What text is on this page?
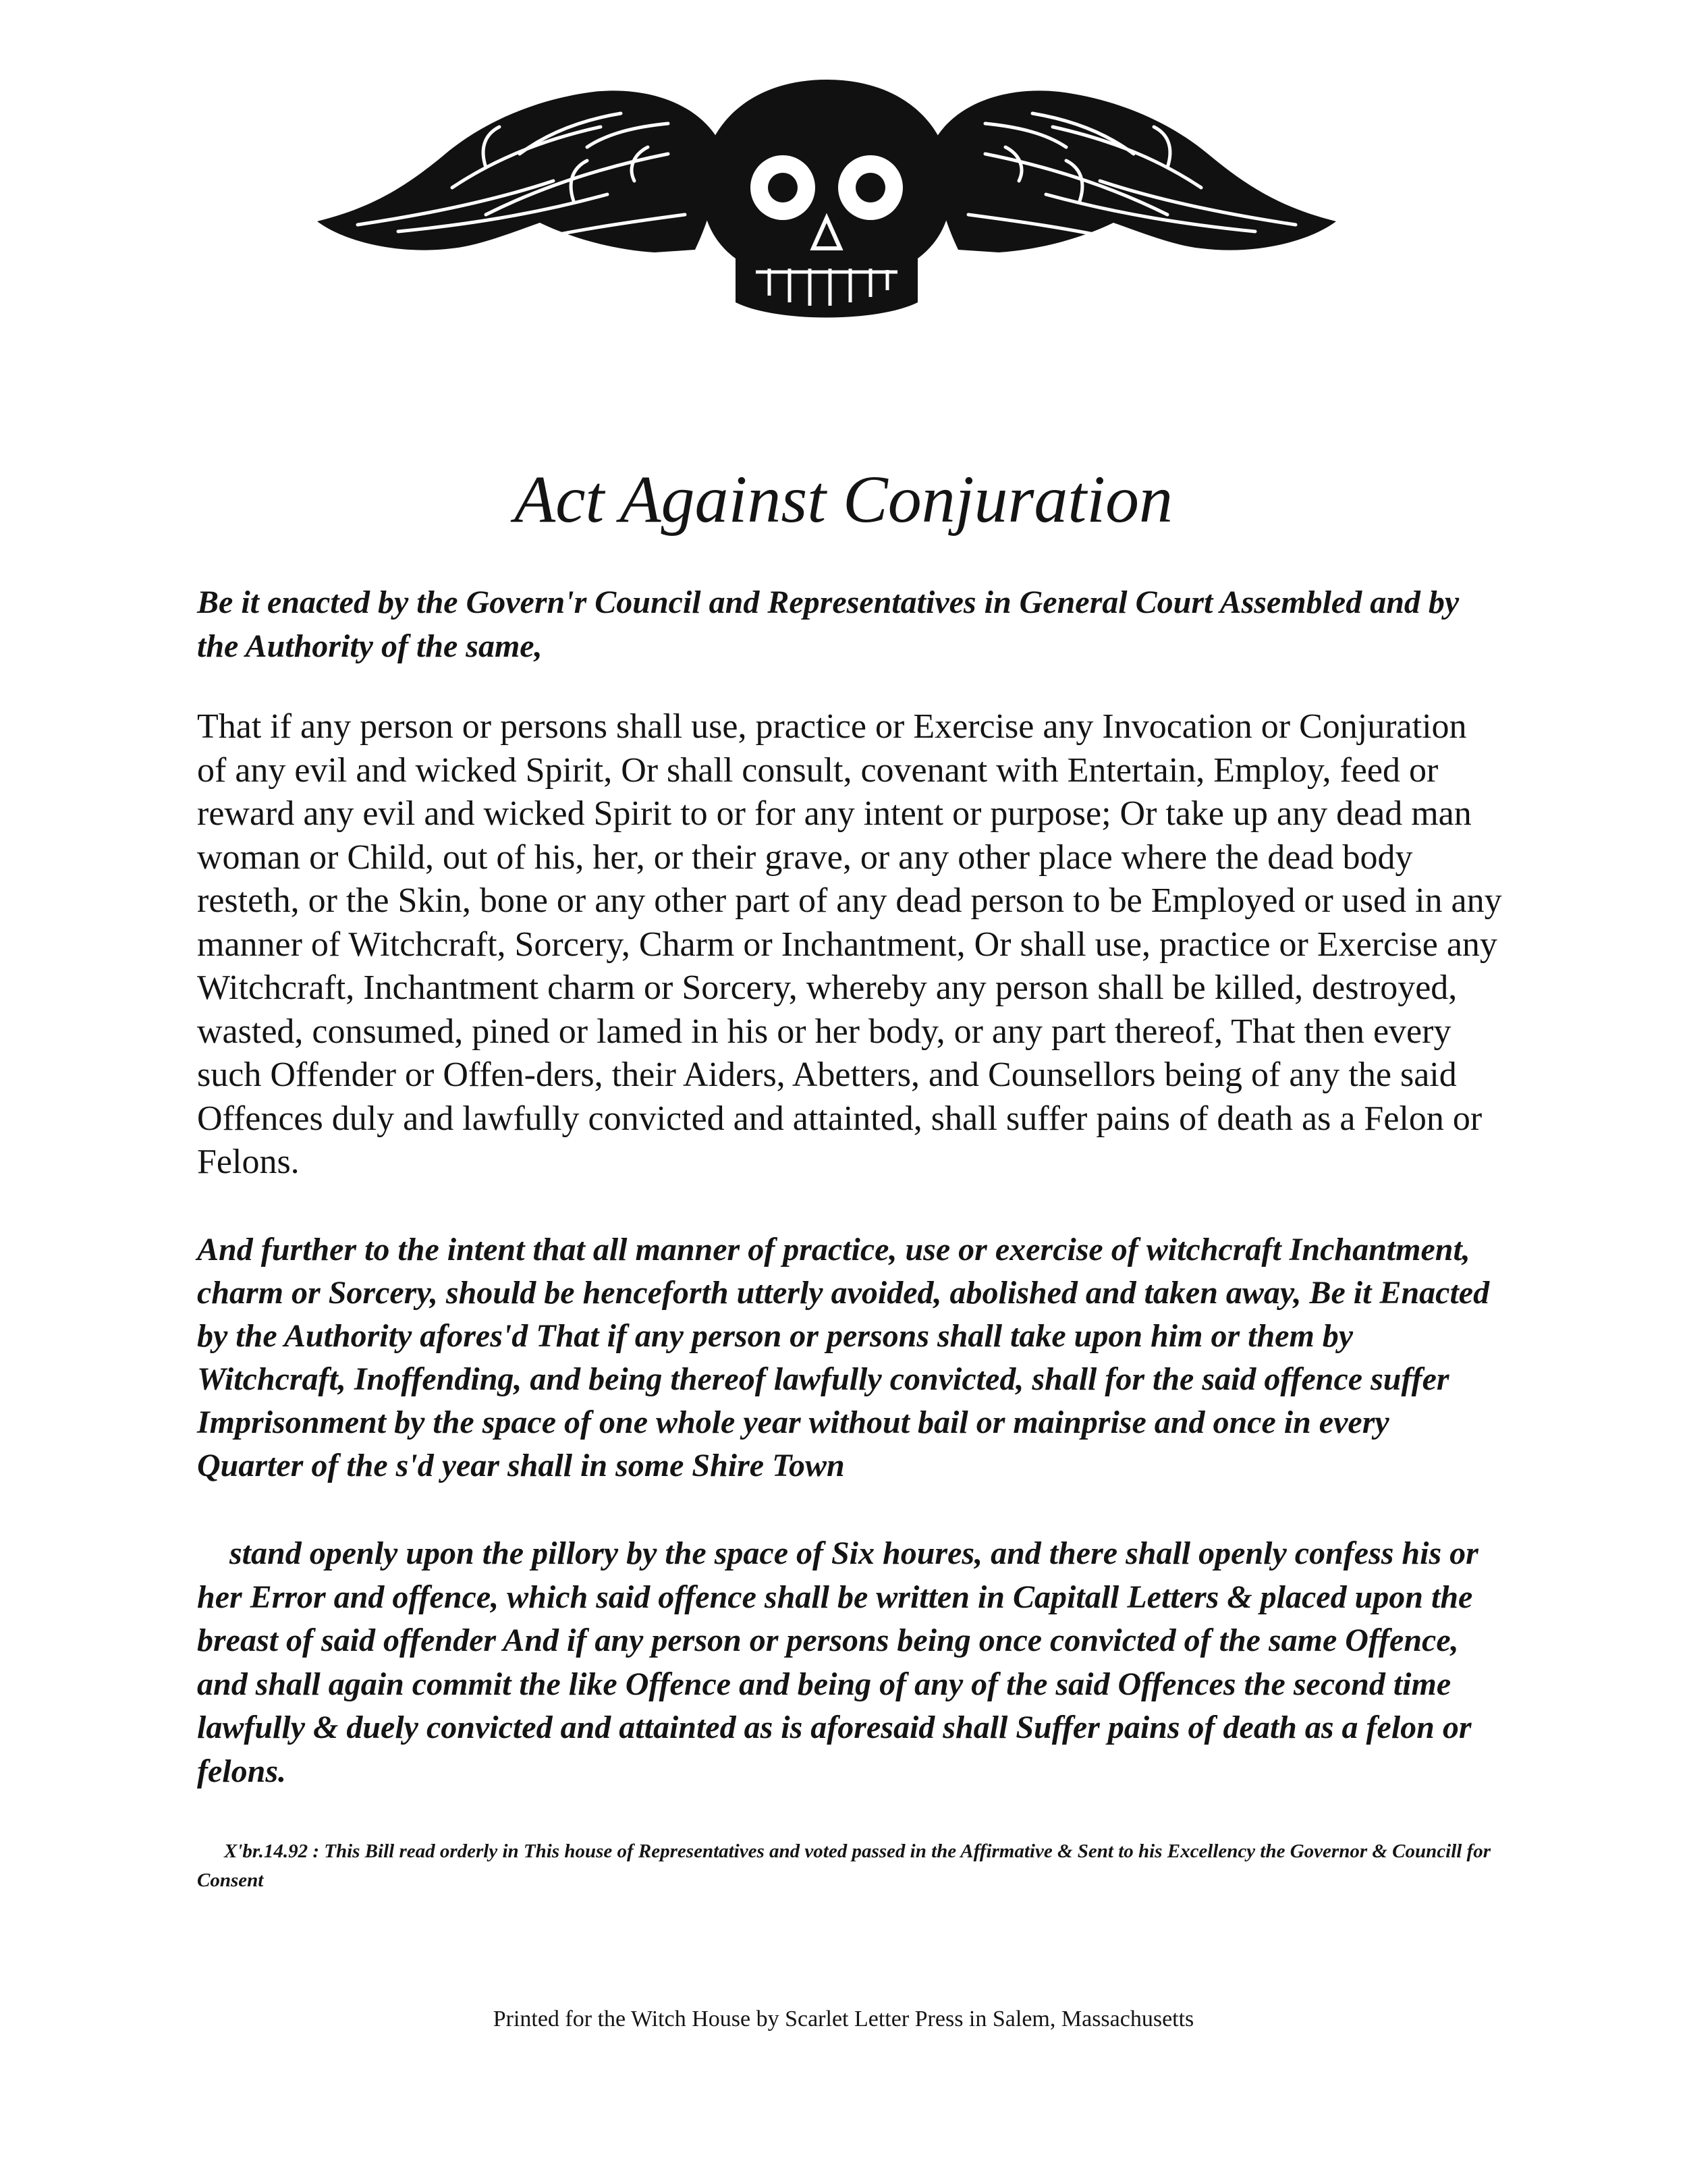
Act Against Conjuration

Be it enacted by the Govern'r Council and Representatives in General Court Assembled and by the Authority of the same,

That if any person or persons shall use, practice or Exercise any Invocation or Conjuration of any evil and wicked Spirit, Or shall consult, covenant with Entertain, Employ, feed or reward any evil and wicked Spirit to or for any intent or purpose; Or take up any dead man woman or Child, out of his, her, or their grave, or any other place where the dead body resteth, or the Skin, bone or any other part of any dead person to be Employed or used in any manner of Witchcraft, Sorcery, Charm or Inchantment, Or shall use, practice or Exercise any Witchcraft, Inchantment charm or Sorcery, whereby any person shall be killed, destroyed, wasted, consumed, pined or lamed in his or her body, or any part thereof, That then every such Offender or Offen-ders, their Aiders, Abetters, and Counsellors being of any the said Offences duly and lawfully convicted and attainted, shall suffer pains of death as a Felon or Felons.

And further to the intent that all manner of practice, use or exercise of witchcraft Inchantment, charm or Sorcery, should be henceforth utterly avoided, abolished and taken away, Be it Enacted by the Authority afores'd That if any person or persons shall take upon him or them by Witchcraft, Inoffending, and being thereof lawfully convicted, shall for the said offence suffer Imprisonment by the space of one whole year without bail or mainprise and once in every Quarter of the s'd year shall in some Shire Town

stand openly upon the pillory by the space of Six houres, and there shall openly confess his or her Error and offence, which said offence shall be written in Capitall Letters & placed upon the breast of said offender And if any person or persons being once convicted of the same Offence, and shall again commit the like Offence and being of any of the said Offences the second time lawfully & duely convicted and attainted as is aforesaid shall Suffer pains of death as a felon or felons.

X'br.14.92 : This Bill read orderly in This house of Representatives and voted passed in the Affirmative & Sent to his Excellency the Governor & Councill for Consent

Printed for the Witch House by Scarlet Letter Press in Salem, Massachusetts
